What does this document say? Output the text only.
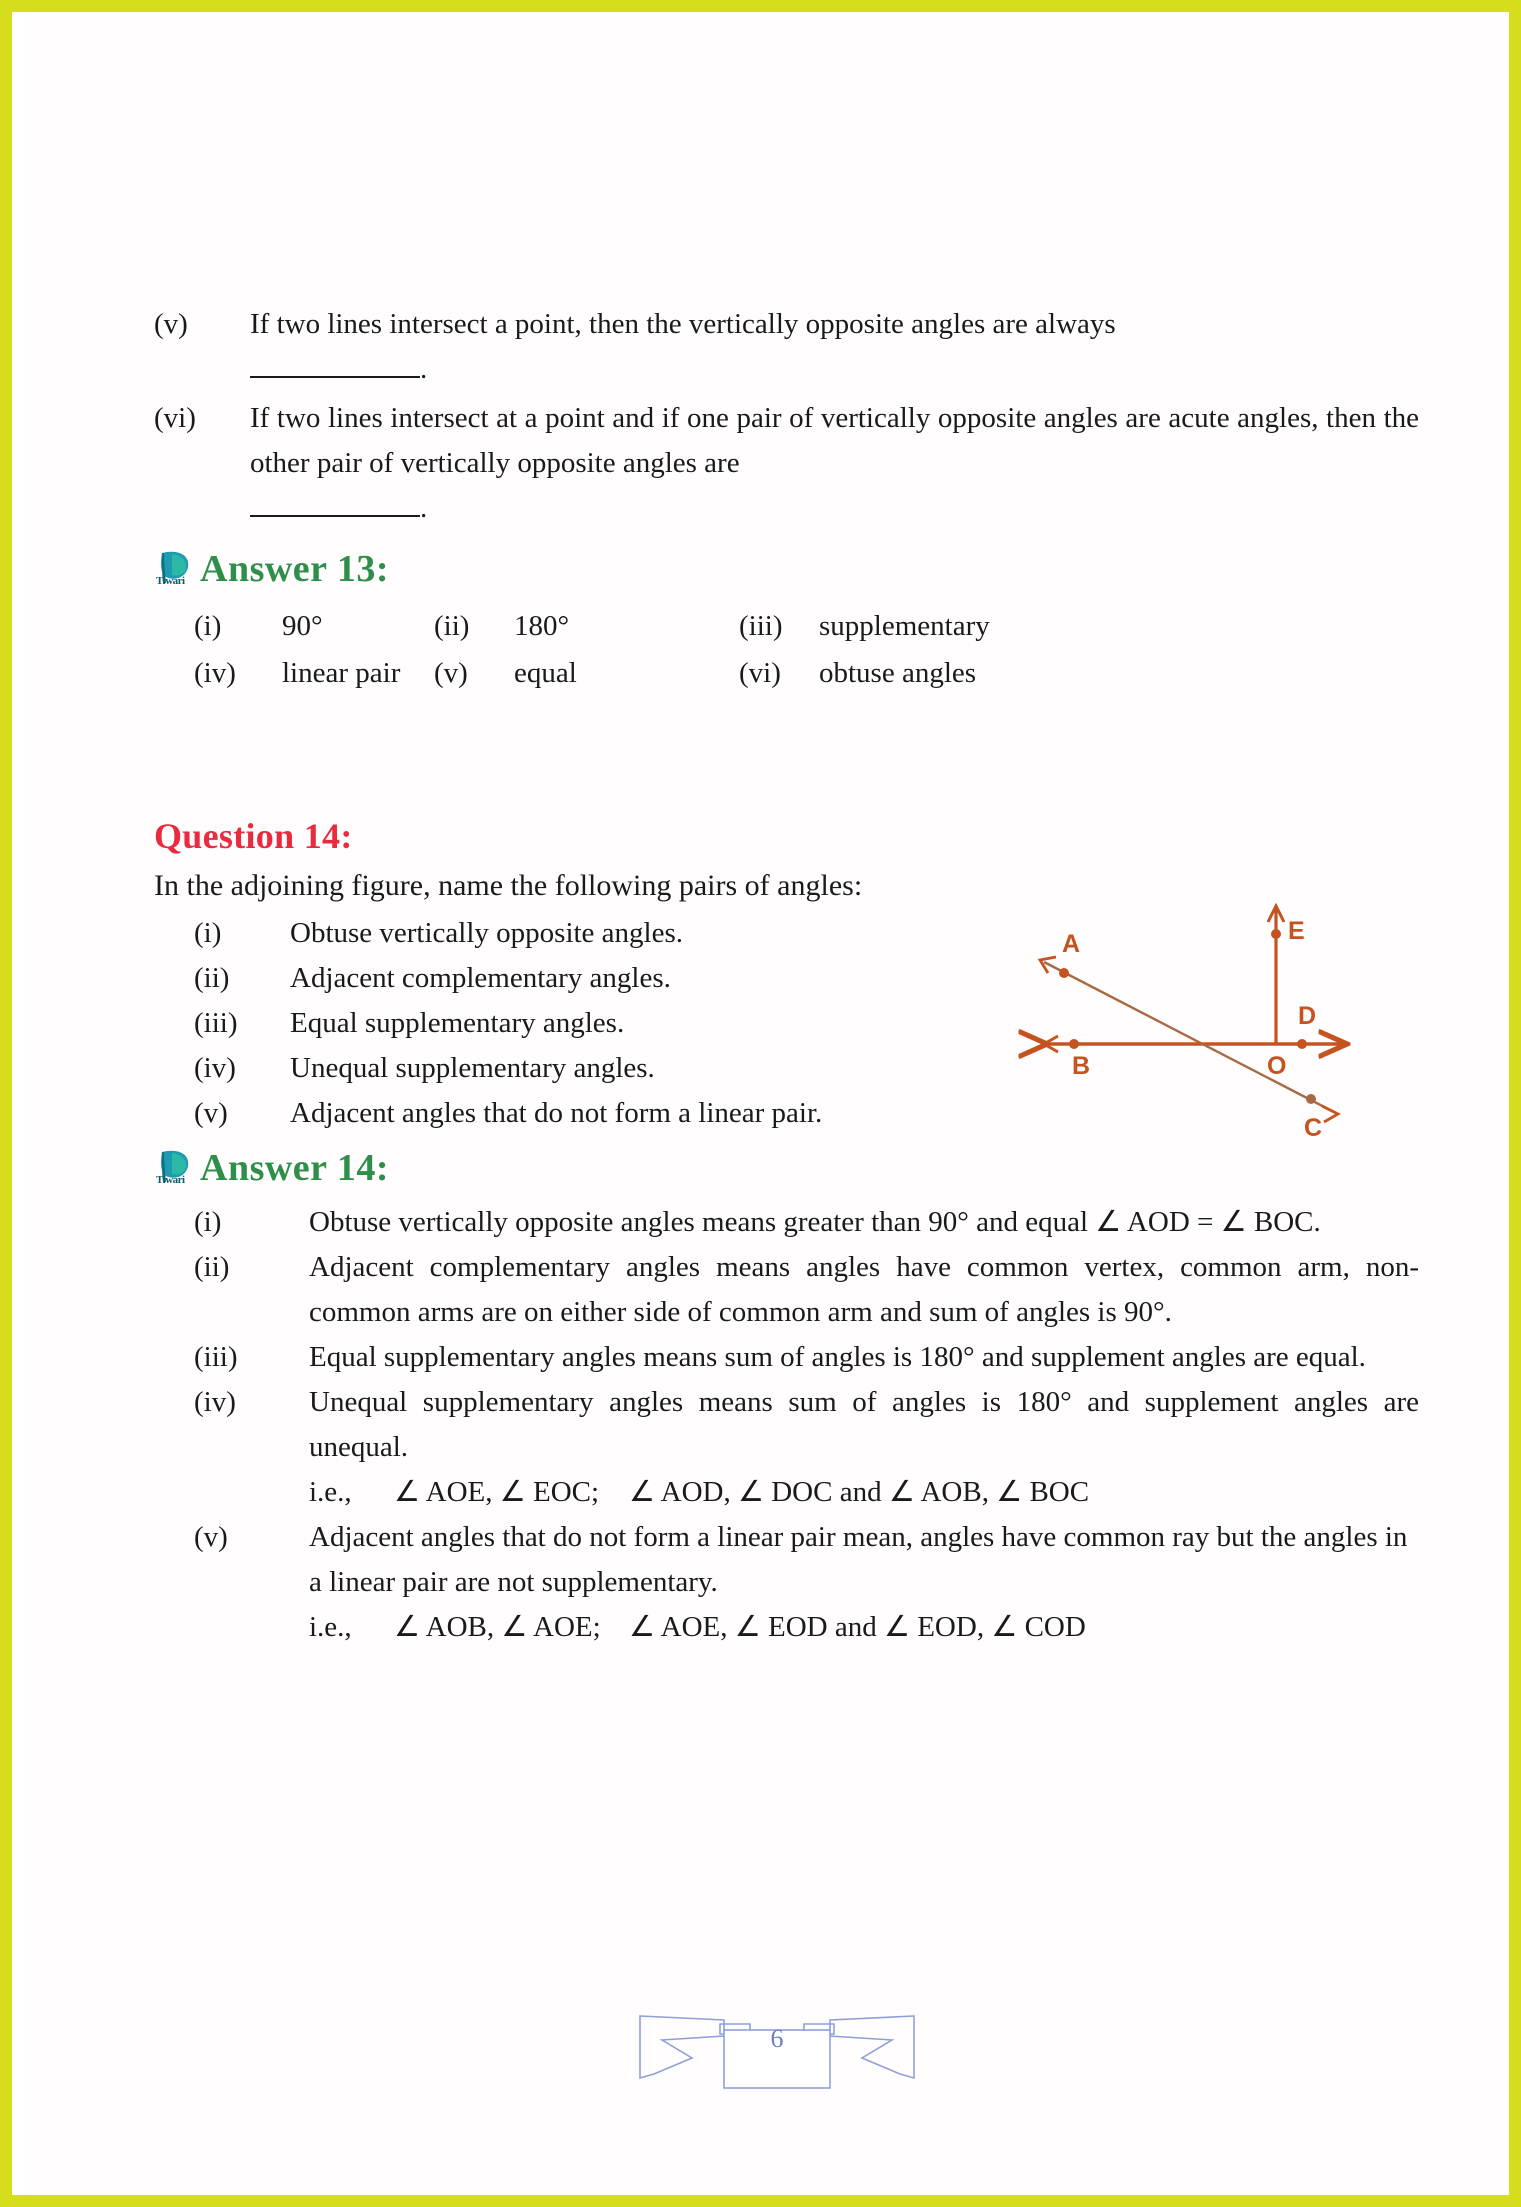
(v)	If two lines intersect a point, then the vertically opposite angles are always
.
(vi)	If two lines intersect at a point and if one pair of vertically opposite angles are acute angles, then the other pair of vertically opposite angles are
.
Tiwari Answer 13:
(i)	90°	(ii)	180°	(iii)	supplementary
(iv)	linear pair	(v)	equal	(vi)	obtuse angles
Question 14:
In the adjoining figure, name the following pairs of angles:
(i)	Obtuse vertically opposite angles.
(ii)	Adjacent complementary angles.
(iii)	Equal supplementary angles.
(iv)	Unequal supplementary angles.
(v)	Adjacent angles that do not form a linear pair.
Tiwari Answer 14:
(i)	Obtuse vertically opposite angles means greater than 90° and equal ∠ AOD = ∠ BOC.
(ii)	Adjacent complementary angles means angles have common vertex, common arm, non-common arms are on either side of common arm and sum of angles is 90°.
(iii)	Equal supplementary angles means sum of angles is 180° and supplement angles are equal.
(iv)	Unequal supplementary angles means sum of angles is 180° and supplement angles are unequal.
i.e.,	∠ AOE, ∠ EOC;	∠ AOD, ∠ DOC and ∠ AOB, ∠ BOC
(v)	Adjacent angles that do not form a linear pair mean, angles have common ray but the angles in a linear pair are not supplementary.
i.e.,	∠ AOB, ∠ AOE; ∠ AOE, ∠ EOD and ∠ EOD, ∠ COD
A
B
C
D
E
O
6
